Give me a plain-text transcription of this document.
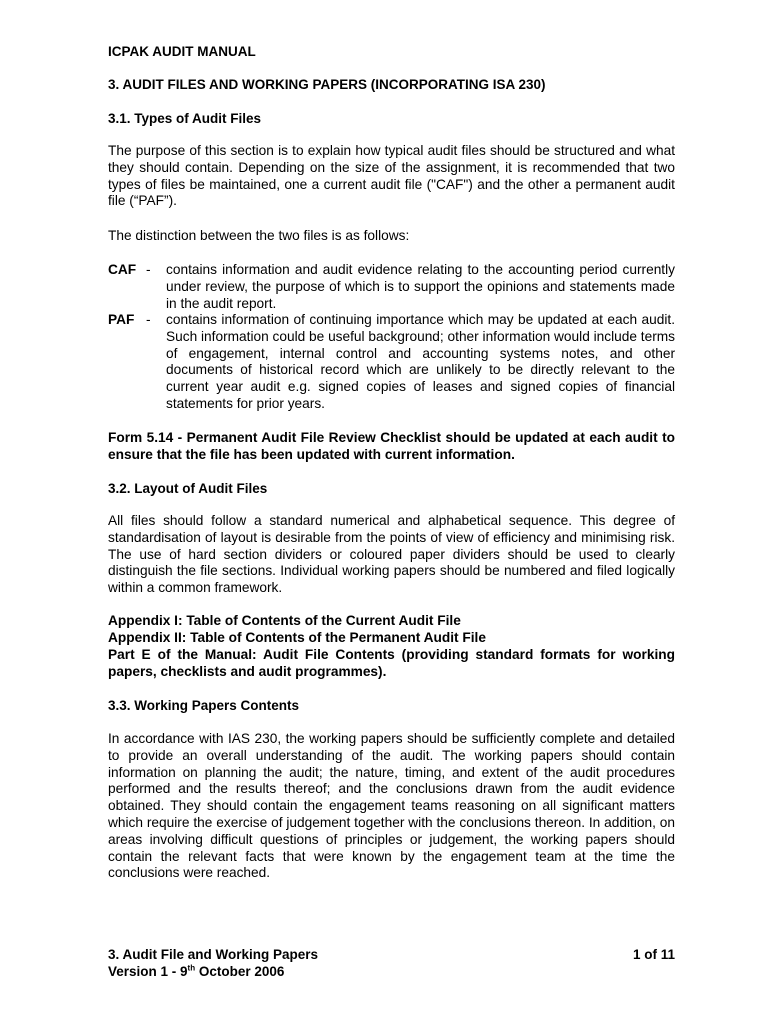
ICPAK AUDIT MANUAL
3. AUDIT FILES AND WORKING PAPERS (INCORPORATING ISA 230)
3.1. Types of Audit Files

The purpose of this section is to explain how typical audit files should be structured and what they should contain. Depending on the size of the assignment, it is recommended that two types of files be maintained, one a current audit file ("CAF") and the other a permanent audit file (“PAF”).

The distinction between the two files is as follows:

CAF - contains information and audit evidence relating to the accounting period currently under review, the purpose of which is to support the opinions and statements made in the audit report.
PAF - contains information of continuing importance which may be updated at each audit. Such information could be useful background; other information would include terms of engagement, internal control and accounting systems notes, and other documents of historical record which are unlikely to be directly relevant to the current year audit e.g. signed copies of leases and signed copies of financial statements for prior years.

Form 5.14 - Permanent Audit File Review Checklist should be updated at each audit to ensure that the file has been updated with current information.

3.2. Layout of Audit Files

All files should follow a standard numerical and alphabetical sequence. This degree of standardisation of layout is desirable from the points of view of efficiency and minimising risk. The use of hard section dividers or coloured paper dividers should be used to clearly distinguish the file sections. Individual working papers should be numbered and filed logically within a common framework.

Appendix I: Table of Contents of the Current Audit File
Appendix II: Table of Contents of the Permanent Audit File

Part E of the Manual: Audit File Contents (providing standard formats for working papers, checklists and audit programmes).

3.3. Working Papers Contents

In accordance with IAS 230, the working papers should be sufficiently complete and detailed to provide an overall understanding of the audit. The working papers should contain information on planning the audit; the nature, timing, and extent of the audit procedures performed and the results thereof; and the conclusions drawn from the audit evidence obtained. They should contain the engagement teams reasoning on all significant matters which require the exercise of judgement together with the conclusions thereon. In addition, on areas involving difficult questions of principles or judgement, the working papers should contain the relevant facts that were known by the engagement team at the time the conclusions were reached.

3. Audit File and Working Papers	1 of 11
Version 1 - 9th October 2006
